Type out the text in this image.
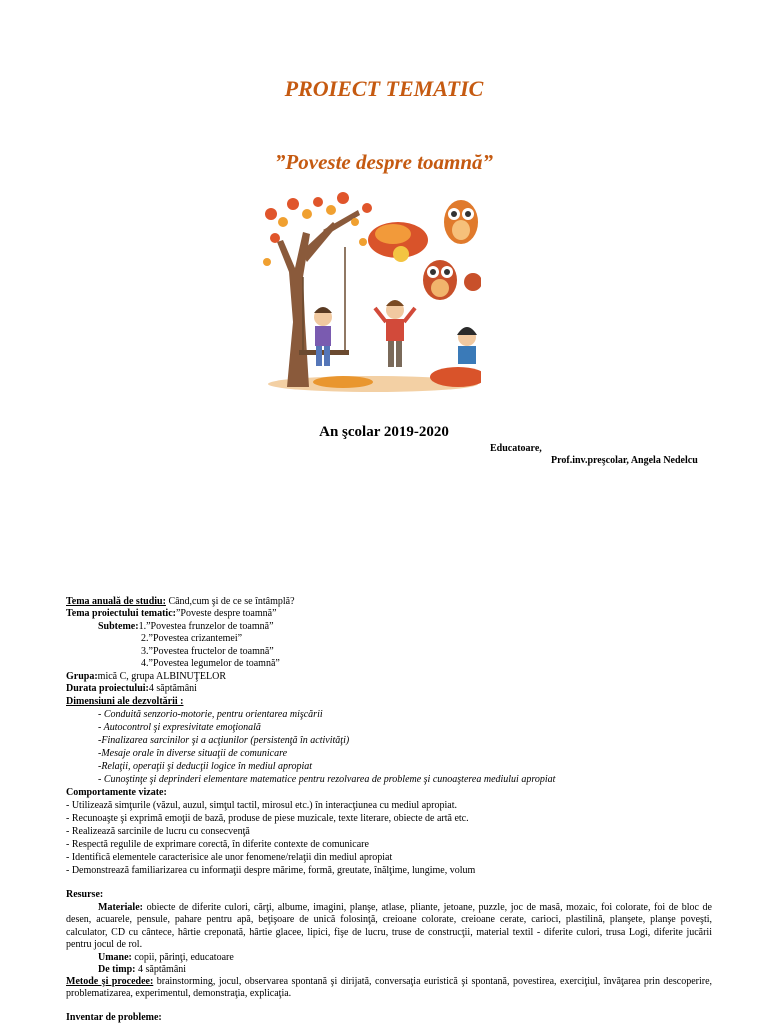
PROIECT TEMATIC
”Poveste despre toamnă”
An şcolar 2019-2020
Educatoare,
Prof.inv.preşcolar, Angela Nedelcu
Tema anuală de studiu: Când,cum şi de ce se întâmplă?
Tema proiectului tematic:”Poveste despre toamnă”
Subteme:1.”Povestea frunzelor de toamnă”
2.”Povestea crizantemei”
3.”Povestea fructelor de toamnă”
4.”Povestea legumelor de toamnă”
Grupa:mică C, grupa ALBINUŢELOR
Durata proiectului:4 săptămâni
Dimensiuni ale dezvoltării :
- Conduită senzorio-motorie, pentru orientarea mişcării
- Autocontrol şi expresivitate emoţională
-Finalizarea sarcinilor şi a acţiunilor (persistenţă în activităţi)
-Mesaje orale în diverse situaţii de comunicare
-Relaţii, operaţii şi deducţii logice în mediul apropiat
- Cunoştinţe şi deprinderi elementare matematice pentru rezolvarea de probleme şi cunoaşterea mediului apropiat
Comportamente vizate:
- Utilizează simţurile (văzul, auzul, simţul tactil, mirosul etc.) în interacţiunea cu mediul apropiat.
- Recunoaşte şi exprimă emoţii de bază, produse de piese muzicale, texte literare, obiecte de artă etc.
- Realizează sarcinile de lucru cu consecvenţă
- Respectă regulile de exprimare corectă, în diferite contexte de comunicare
- Identifică elementele caracterisice ale unor fenomene/relaţii din mediul apropiat
- Demonstrează familiarizarea cu informaţii despre mărime, formă, greutate, înălţime, lungime, volum
Resurse:
Materiale: obiecte de diferite culori, cărţi, albume, imagini, planşe, atlase, pliante, jetoane, puzzle, joc de masă, mozaic, foi colorate, foi de bloc de desen, acuarele, pensule, pahare pentru apă, beţişoare de unică folosinţă, creioane colorate, creioane cerate, carioci, plastilină, planşete, planşe poveşti, calculator, CD cu cântece, hârtie creponată, hârtie glacee, lipici, fişe de lucru, truse de construcţii, material textil - diferite culori, trusa Logi, diferite jucării pentru jocul de rol.
Umane: copii, părinţi, educatoare
De timp: 4 săptămâni
Metode şi procedee: brainstorming, jocul, observarea spontană şi dirijată, conversaţia euristică şi spontană, povestirea, exerciţiul, învăţarea prin descoperire, problematizarea, experimentul, demonstraţia, explicaţia.
Inventar de probleme:
